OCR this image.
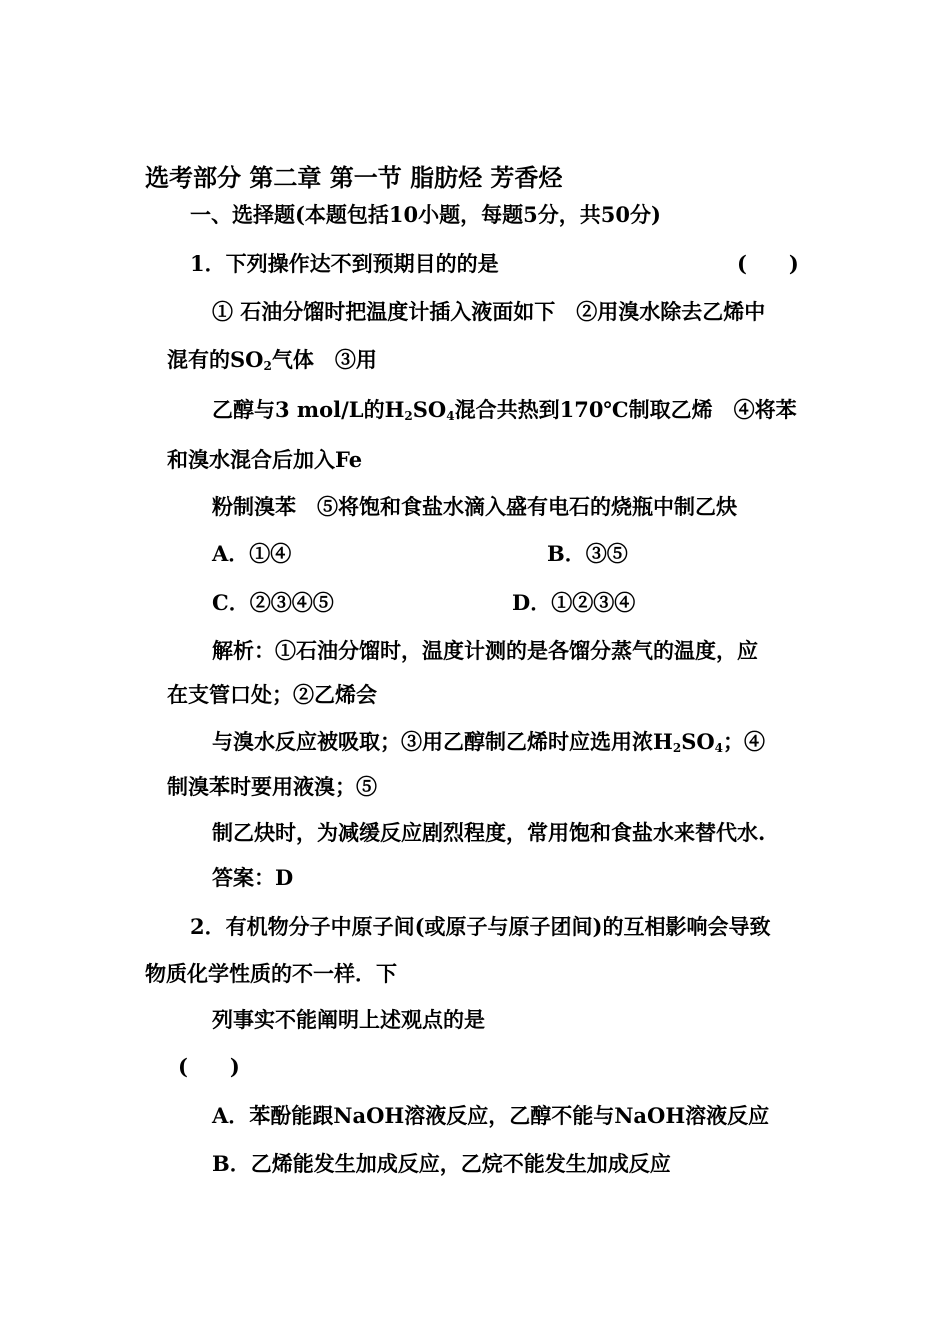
选考部分 第二章 第一节 脂肪烃 芳香烃
一、选择题(本题包括10小题，每题5分，共50分)
1．下列操作达不到预期目的的是	(　　)
① 石油分馏时把温度计插入液面如下　②用溴水除去乙烯中
混有的$SO_2$气体　③用
乙醇与3 mol/L的$H_2SO_4$混合共热到170℃制取乙烯　④将苯
和溴水混合后加入Fe
粉制溴苯　⑤将饱和食盐水滴入盛有电石的烧瓶中制乙炔
A．①④	B．③⑤
C．②③④⑤	D．①②③④
解析：①石油分馏时，温度计测的是各馏分蒸气的温度，应
在支管口处；②乙烯会
与溴水反应被吸取；③用乙醇制乙烯时应选用浓$H_2SO_4$；④
制溴苯时要用液溴；⑤
制乙炔时，为减缓反应剧烈程度，常用饱和食盐水来替代水.
答案：D
2．有机物分子中原子间(或原子与原子团间)的互相影响会导致
物质化学性质的不一样．下
列事实不能阐明上述观点的是
(　　)
A．苯酚能跟NaOH溶液反应，乙醇不能与NaOH溶液反应
B．乙烯能发生加成反应，乙烷不能发生加成反应
